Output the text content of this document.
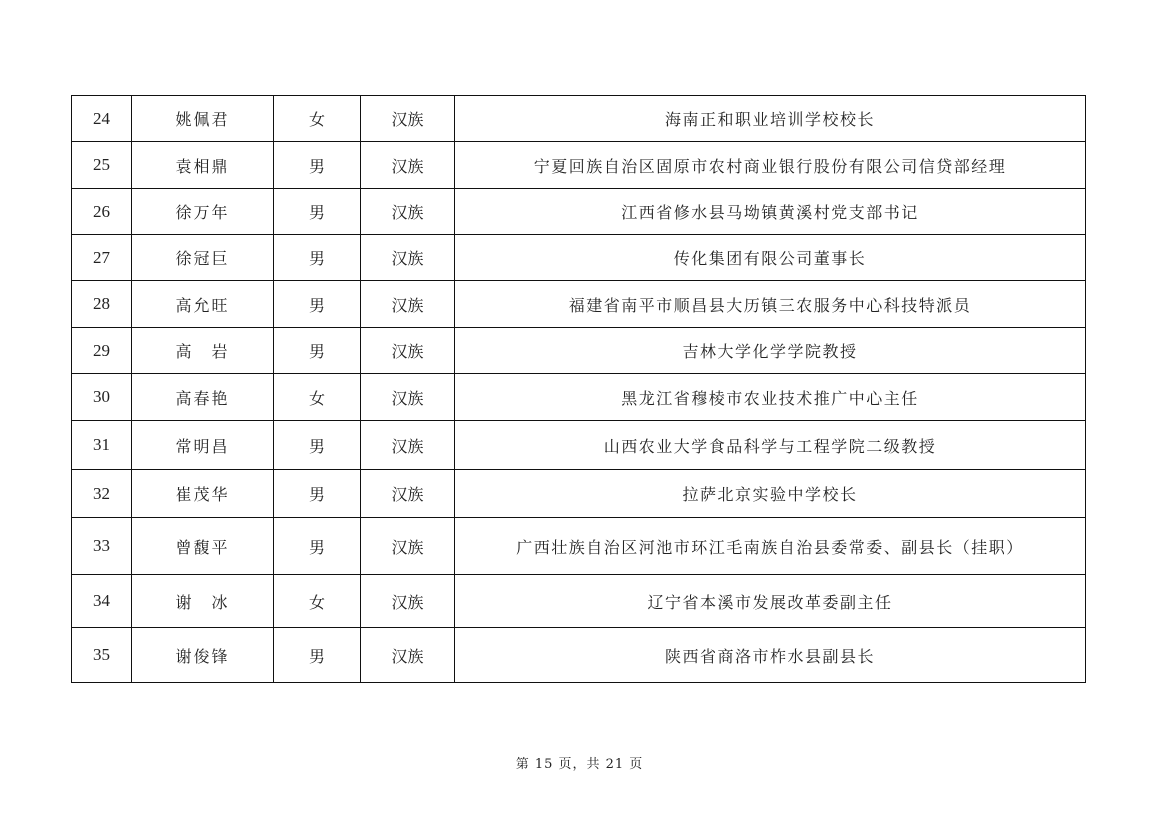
24	姚佩君	女	汉族	海南正和职业培训学校校长
25	袁相鼎	男	汉族	宁夏回族自治区固原市农村商业银行股份有限公司信贷部经理
26	徐万年	男	汉族	江西省修水县马坳镇黄溪村党支部书记
27	徐冠巨	男	汉族	传化集团有限公司董事长
28	高允旺	男	汉族	福建省南平市顺昌县大历镇三农服务中心科技特派员
29	高　岩	男	汉族	吉林大学化学学院教授
30	高春艳	女	汉族	黑龙江省穆棱市农业技术推广中心主任
31	常明昌	男	汉族	山西农业大学食品科学与工程学院二级教授
32	崔茂华	男	汉族	拉萨北京实验中学校长
33	曾馥平	男	汉族	广西壮族自治区河池市环江毛南族自治县委常委、副县长（挂职）
34	谢　冰	女	汉族	辽宁省本溪市发展改革委副主任
35	谢俊锋	男	汉族	陕西省商洛市柞水县副县长
第 15 页，共 21 页
